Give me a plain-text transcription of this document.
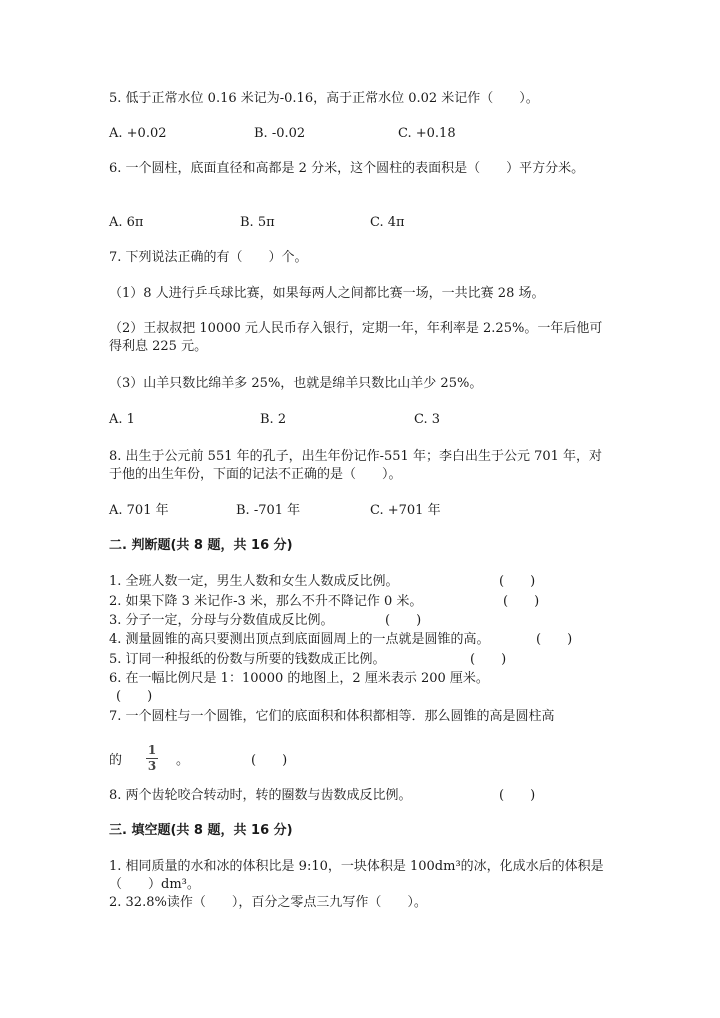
5. 低于正常水位 0.16 米记为-0.16，高于正常水位 0.02 米记作（　　）。
A. +0.02	B. -0.02	C. +0.18
6. 一个圆柱，底面直径和高都是 2 分米，这个圆柱的表面积是（　　）平方分米。
A. 6π	B. 5π	C. 4π
7. 下列说法正确的有（　　）个。
（1）8 人进行乒乓球比赛，如果每两人之间都比赛一场，一共比赛 28 场。
（2）王叔叔把 10000 元人民币存入银行，定期一年，年利率是 2.25%。一年后他可得利息 225 元。
（3）山羊只数比绵羊多 25%，也就是绵羊只数比山羊少 25%。
A. 1	B. 2	C. 3
8. 出生于公元前 551 年的孔子，出生年份记作-551 年；李白出生于公元 701 年，对于他的出生年份，下面的记法不正确的是（　　）。
A. 701 年	B. -701 年	C. +701 年
二. 判断题(共 8 题，共 16 分)
1. 全班人数一定，男生人数和女生人数成反比例。	(　　)
2. 如果下降 3 米记作-3 米，那么不升不降记作 0 米。	(　　)
3. 分子一定，分母与分数值成反比例。	(　　)
4. 测量圆锥的高只要测出顶点到底面圆周上的一点就是圆锥的高。	(　　)
5. 订同一种报纸的份数与所要的钱数成正比例。	(　　)
6. 在一幅比例尺是 1：10000 的地图上，2 厘米表示 200 厘米。
(　　)
7. 一个圆柱与一个圆锥，它们的底面积和体积都相等．那么圆锥的高是圆柱高
的
1
3 。	(　　)
8. 两个齿轮咬合转动时，转的圈数与齿数成反比例。	(　　)
三. 填空题(共 8 题，共 16 分)
1. 相同质量的水和冰的体积比是 9:10，一块体积是 100dm³的冰，化成水后的体积是（　　）dm³。
2. 32.8%读作（　　），百分之零点三九写作（　　）。
